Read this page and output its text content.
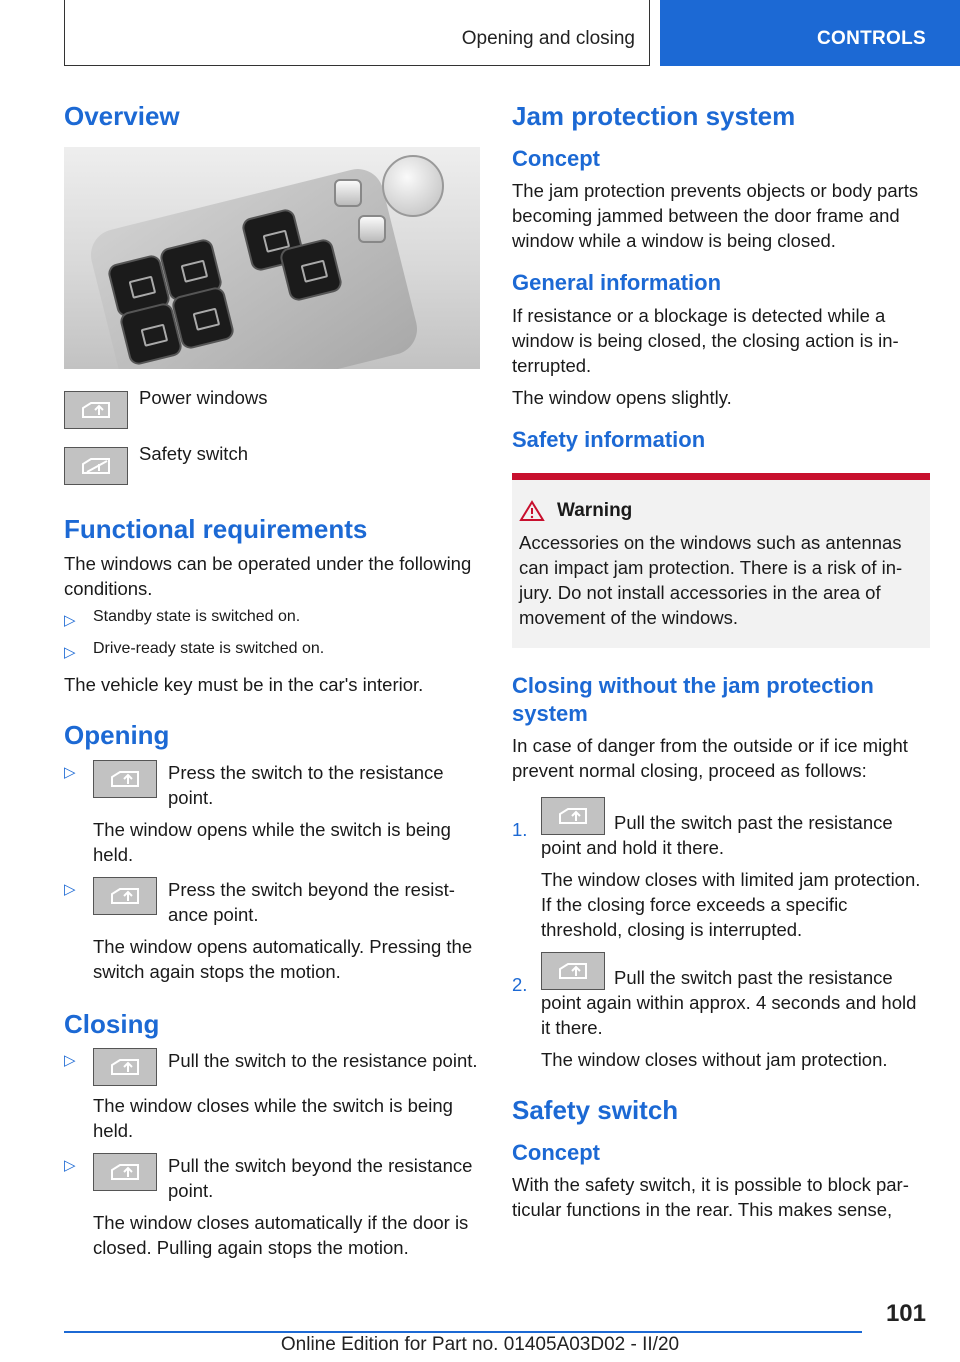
Opening and closing	CONTROLS
Overview
Power windows
Safety switch
Functional requirements

The windows can be operated under the following conditions.

▷	Standby state is switched on.
▷	Drive-ready state is switched on.

The vehicle key must be in the car's interior.

Opening
▷	Press the switch to the resistance point.
The window opens while the switch is being held.
▷	Press the switch beyond the resistance point.
The window opens automatically. Pressing the switch again stops the motion.
Closing
▷	Pull the switch to the resistance point.
The window closes while the switch is being held.
▷	Pull the switch beyond the resistance point.
The window closes automatically if the door is closed. Pulling again stops the motion.
Jam protection system
Concept

The jam protection prevents objects or body parts becoming jammed between the door frame and window while a window is being closed.

General information

If resistance or a blockage is detected while a window is being closed, the closing action is interrupted.

The window opens slightly.

Safety information
Warning

Accessories on the windows such as antennas can impact jam protection. There is a risk of injury. Do not install accessories in the area of movement of the windows.

Closing without the jam protection system

In case of danger from the outside or if ice might prevent normal closing, proceed as follows:

1.	Pull the switch past the resistance

point and hold it there.

The window closes with limited jam protection. If the closing force exceeds a specific threshold, closing is interrupted.

2.	Pull the switch past the resistance

point again within approx. 4 seconds and hold it there.

The window closes without jam protection.

Safety switch
Concept

With the safety switch, it is possible to block particular functions in the rear. This makes sense,

101
Online Edition for Part no. 01405A03D02 - II/20
